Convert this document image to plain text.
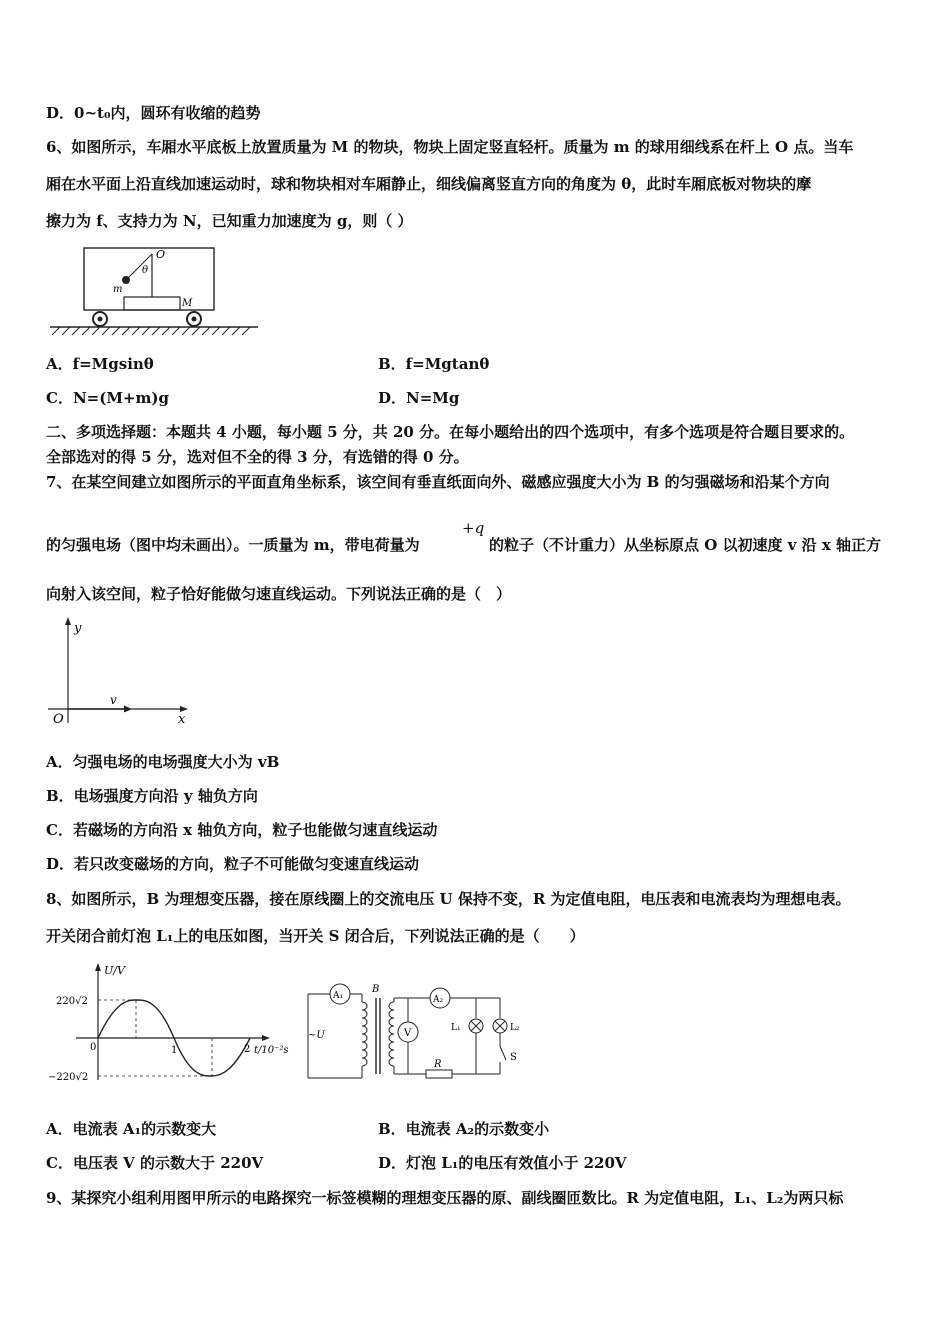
D．0~t₀内，圆环有收缩的趋势
6、如图所示，车厢水平底板上放置质量为 M 的物块，物块上固定竖直轻杆。质量为 m 的球用细线系在杆上 O 点。当车
厢在水平面上沿直线加速运动时，球和物块相对车厢静止，细线偏离竖直方向的角度为 θ，此时车厢底板对物块的摩
擦力为 f、支持力为 N，已知重力加速度为 g，则（ ）
O
θ
m
M
A．f=Mgsinθ	B．f=Mgtanθ
C．N=(M+m)g	D．N=Mg
二、多项选择题：本题共 4 小题，每小题 5 分，共 20 分。在每小题给出的四个选项中，有多个选项是符合题目要求的。
全部选对的得 5 分，选对但不全的得 3 分，有选错的得 0 分。
7、在某空间建立如图所示的平面直角坐标系，该空间有垂直纸面向外、磁感应强度大小为 B 的匀强磁场和沿某个方向
+q
的匀强电场（图中均未画出）。一质量为 m，带电荷量为	的粒子（不计重力）从坐标原点 O 以初速度 v 沿 x 轴正方
向射入该空间，粒子恰好能做匀速直线运动。下列说法正确的是（　）
y
x
O
v
A．匀强电场的电场强度大小为 vB
B．电场强度方向沿 y 轴负方向
C．若磁场的方向沿 x 轴负方向，粒子也能做匀速直线运动
D．若只改变磁场的方向，粒子不可能做匀变速直线运动
8、如图所示，B 为理想变压器，接在原线圈上的交流电压 U 保持不变，R 为定值电阻，电压表和电流表均为理想电表。
开关闭合前灯泡 L₁上的电压如图，当开关 S 闭合后，下列说法正确的是（　　）
U/V
t/10⁻²s
220√2
−220√2
0	1	2
~U
A₁
B
A₂
R
V	L₁	L₂
S
A．电流表 A₁的示数变大	B．电流表 A₂的示数变小
C．电压表 V 的示数大于 220V	D．灯泡 L₁的电压有效值小于 220V
9、某探究小组利用图甲所示的电路探究一标签模糊的理想变压器的原、副线圈匝数比。R 为定值电阻，L₁、L₂为两只标
